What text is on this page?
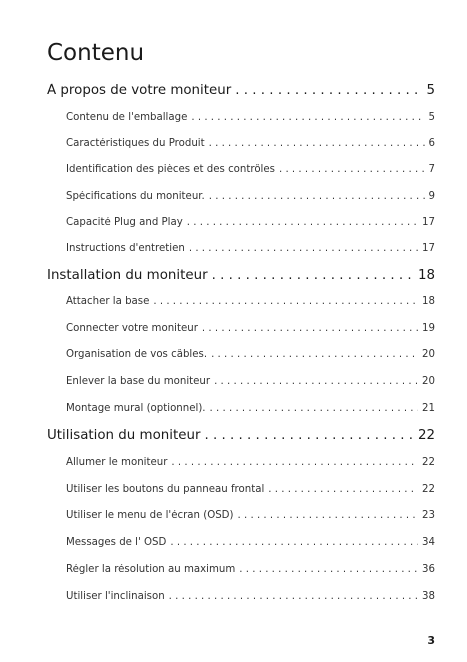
Contenu
À propos de votre moniteur . . .	5
Contenu de l'emballage . . .	5
Caractéristiques du Produit . . .	6
Identification des pièces et des contrôles . . .	7
Spécifications du moniteur. . . .	9
Capacité Plug and Play . . .	17
Instructions d'entretien . . .	17
Installation du moniteur . . .	18
Attacher la base . . .	18
Connecter votre moniteur . . .	19
Organisation de vos câbles. . . .	20
Enlever la base du moniteur . . .	20
Montage mural (optionnel). . . .	21
Utilisation du moniteur . . .	22
Allumer le moniteur . . .	22
Utiliser les boutons du panneau frontal . . .	22
Utiliser le menu de l'écran (OSD) . . .	23
Messages de l' OSD . . .	34
Régler la résolution au maximum . . .	36
Utiliser l'inclinaison . . .	38
3
